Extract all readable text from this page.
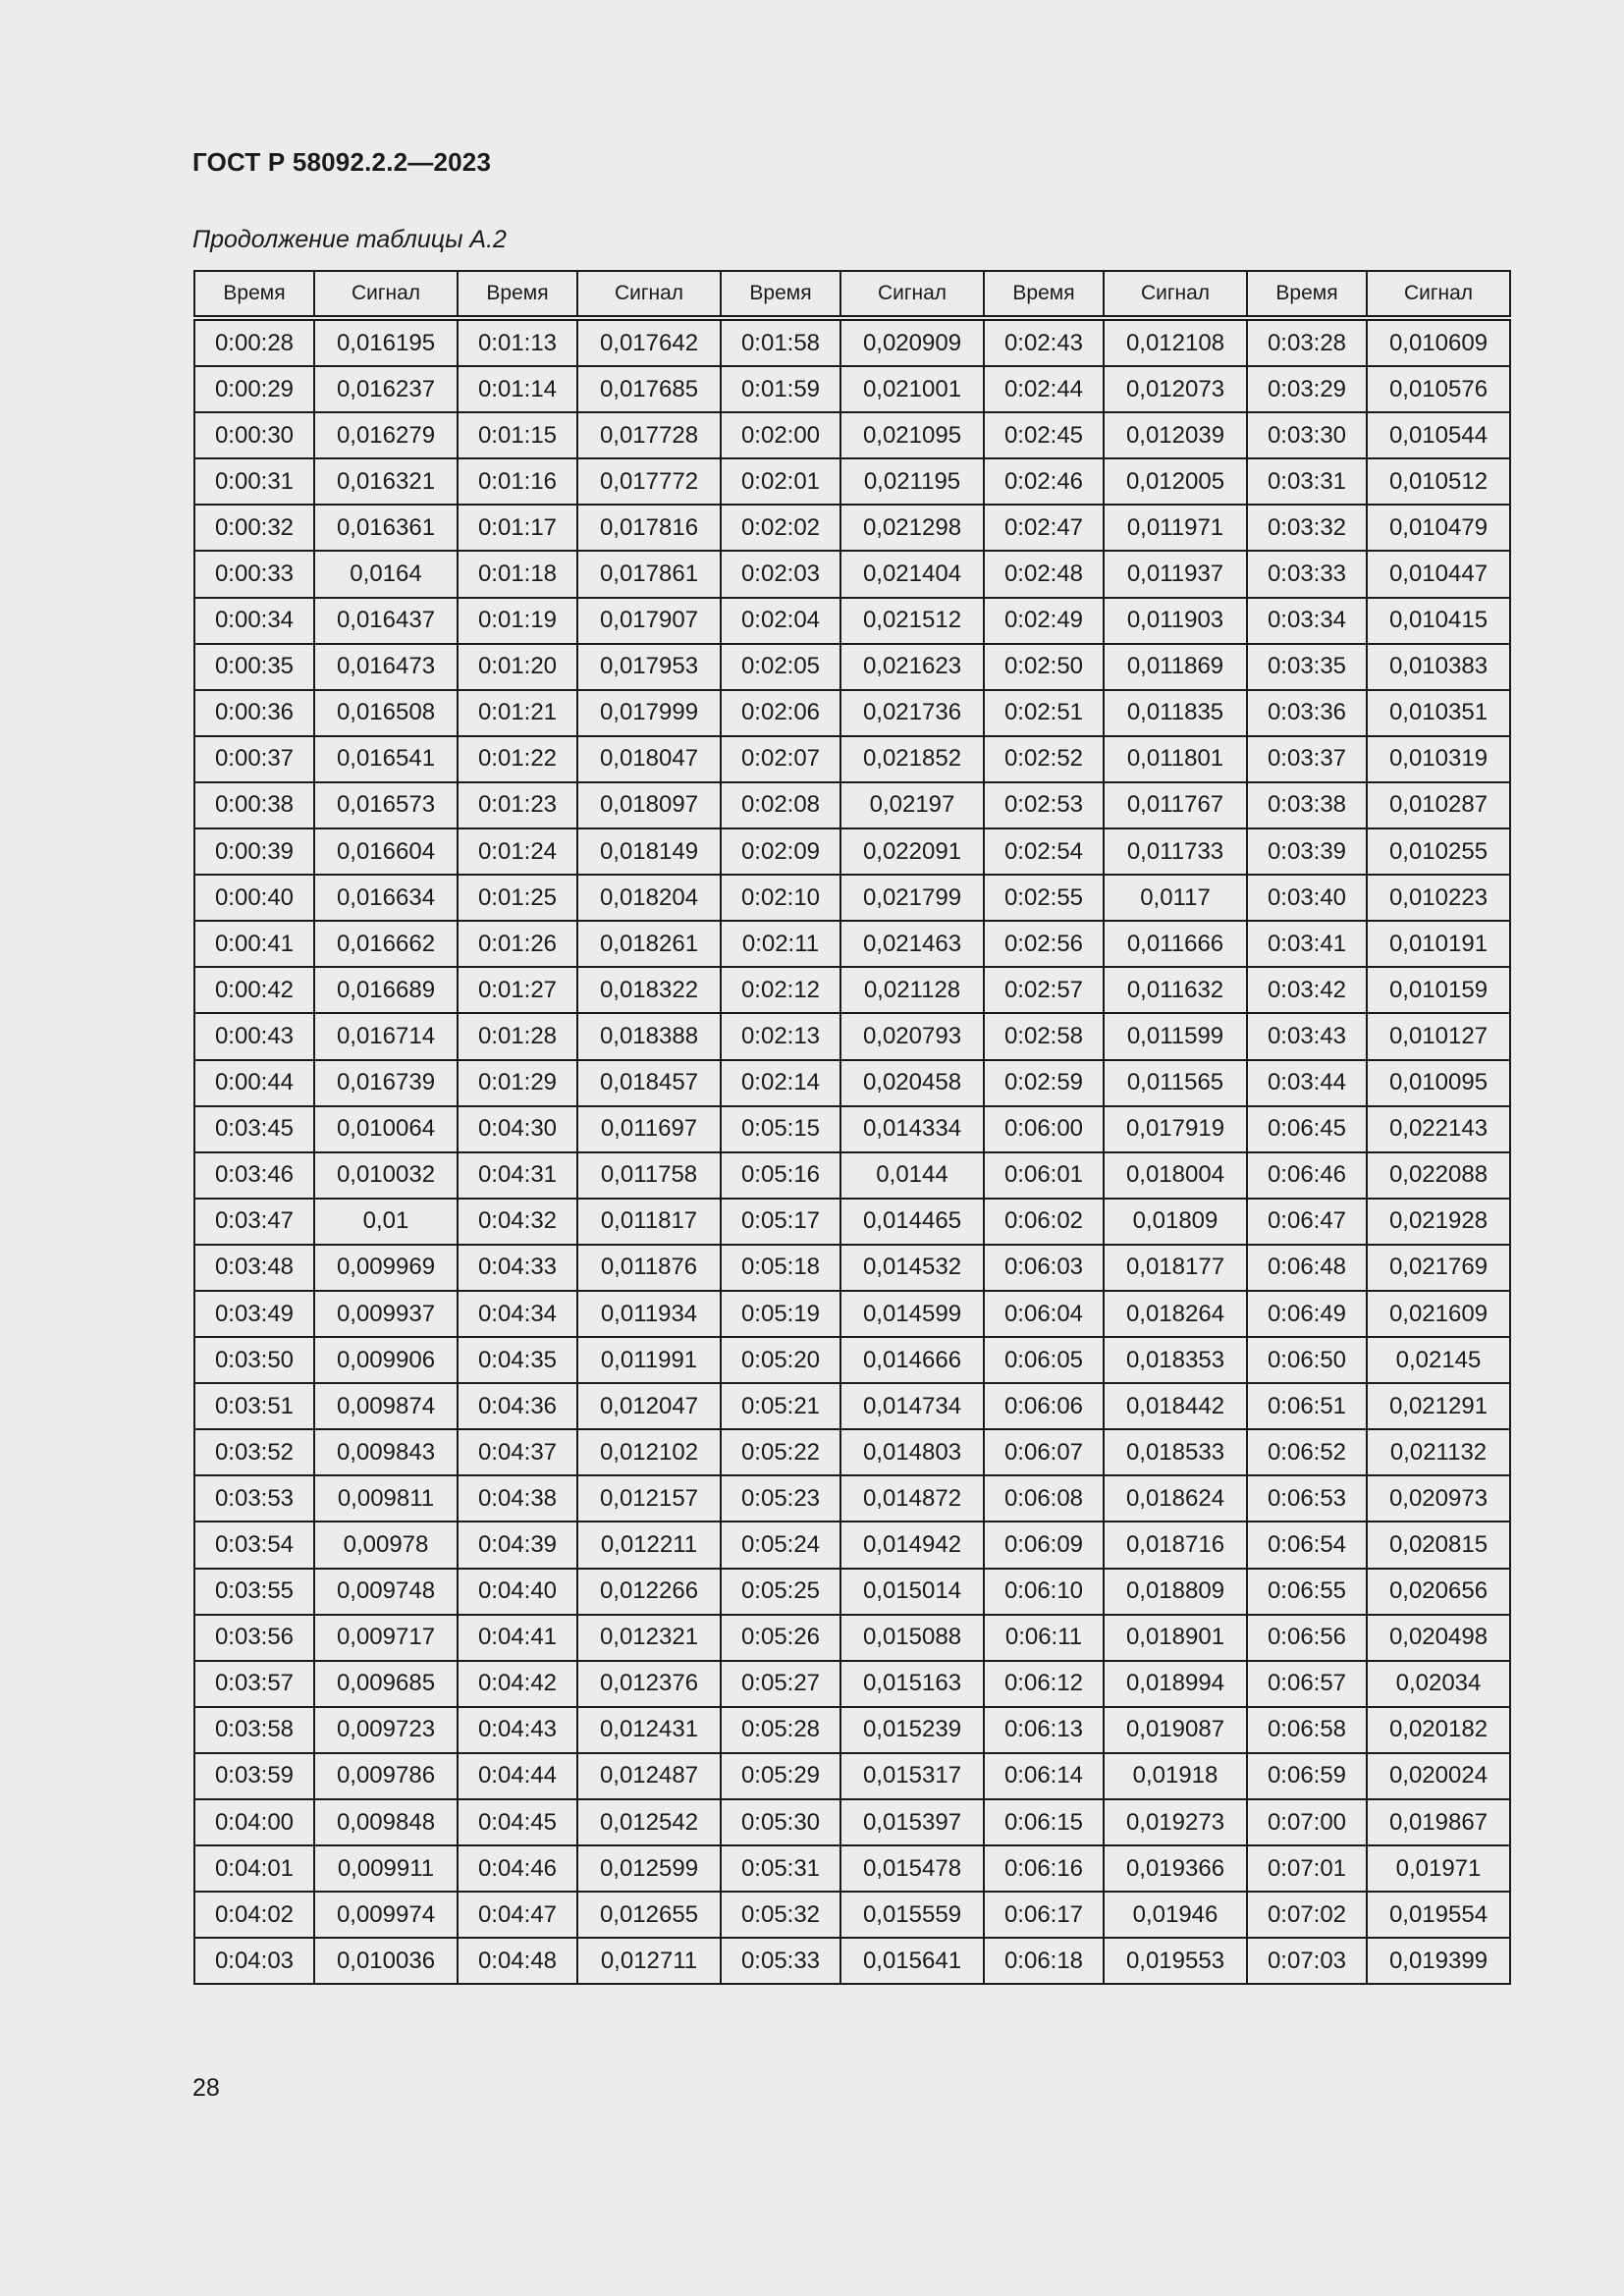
ГОСТ Р 58092.2.2—2023
Продолжение таблицы А.2
Время	Сигнал	Время	Сигнал	Время	Сигнал	Время	Сигнал	Время	Сигнал
0:00:28	0,016195	0:01:13	0,017642	0:01:58	0,020909	0:02:43	0,012108	0:03:28	0,010609
0:00:29	0,016237	0:01:14	0,017685	0:01:59	0,021001	0:02:44	0,012073	0:03:29	0,010576
0:00:30	0,016279	0:01:15	0,017728	0:02:00	0,021095	0:02:45	0,012039	0:03:30	0,010544
0:00:31	0,016321	0:01:16	0,017772	0:02:01	0,021195	0:02:46	0,012005	0:03:31	0,010512
0:00:32	0,016361	0:01:17	0,017816	0:02:02	0,021298	0:02:47	0,011971	0:03:32	0,010479
0:00:33	0,0164	0:01:18	0,017861	0:02:03	0,021404	0:02:48	0,011937	0:03:33	0,010447
0:00:34	0,016437	0:01:19	0,017907	0:02:04	0,021512	0:02:49	0,011903	0:03:34	0,010415
0:00:35	0,016473	0:01:20	0,017953	0:02:05	0,021623	0:02:50	0,011869	0:03:35	0,010383
0:00:36	0,016508	0:01:21	0,017999	0:02:06	0,021736	0:02:51	0,011835	0:03:36	0,010351
0:00:37	0,016541	0:01:22	0,018047	0:02:07	0,021852	0:02:52	0,011801	0:03:37	0,010319
0:00:38	0,016573	0:01:23	0,018097	0:02:08	0,02197	0:02:53	0,011767	0:03:38	0,010287
0:00:39	0,016604	0:01:24	0,018149	0:02:09	0,022091	0:02:54	0,011733	0:03:39	0,010255
0:00:40	0,016634	0:01:25	0,018204	0:02:10	0,021799	0:02:55	0,0117	0:03:40	0,010223
0:00:41	0,016662	0:01:26	0,018261	0:02:11	0,021463	0:02:56	0,011666	0:03:41	0,010191
0:00:42	0,016689	0:01:27	0,018322	0:02:12	0,021128	0:02:57	0,011632	0:03:42	0,010159
0:00:43	0,016714	0:01:28	0,018388	0:02:13	0,020793	0:02:58	0,011599	0:03:43	0,010127
0:00:44	0,016739	0:01:29	0,018457	0:02:14	0,020458	0:02:59	0,011565	0:03:44	0,010095
0:03:45	0,010064	0:04:30	0,011697	0:05:15	0,014334	0:06:00	0,017919	0:06:45	0,022143
0:03:46	0,010032	0:04:31	0,011758	0:05:16	0,0144	0:06:01	0,018004	0:06:46	0,022088
0:03:47	0,01	0:04:32	0,011817	0:05:17	0,014465	0:06:02	0,01809	0:06:47	0,021928
0:03:48	0,009969	0:04:33	0,011876	0:05:18	0,014532	0:06:03	0,018177	0:06:48	0,021769
0:03:49	0,009937	0:04:34	0,011934	0:05:19	0,014599	0:06:04	0,018264	0:06:49	0,021609
0:03:50	0,009906	0:04:35	0,011991	0:05:20	0,014666	0:06:05	0,018353	0:06:50	0,02145
0:03:51	0,009874	0:04:36	0,012047	0:05:21	0,014734	0:06:06	0,018442	0:06:51	0,021291
0:03:52	0,009843	0:04:37	0,012102	0:05:22	0,014803	0:06:07	0,018533	0:06:52	0,021132
0:03:53	0,009811	0:04:38	0,012157	0:05:23	0,014872	0:06:08	0,018624	0:06:53	0,020973
0:03:54	0,00978	0:04:39	0,012211	0:05:24	0,014942	0:06:09	0,018716	0:06:54	0,020815
0:03:55	0,009748	0:04:40	0,012266	0:05:25	0,015014	0:06:10	0,018809	0:06:55	0,020656
0:03:56	0,009717	0:04:41	0,012321	0:05:26	0,015088	0:06:11	0,018901	0:06:56	0,020498
0:03:57	0,009685	0:04:42	0,012376	0:05:27	0,015163	0:06:12	0,018994	0:06:57	0,02034
0:03:58	0,009723	0:04:43	0,012431	0:05:28	0,015239	0:06:13	0,019087	0:06:58	0,020182
0:03:59	0,009786	0:04:44	0,012487	0:05:29	0,015317	0:06:14	0,01918	0:06:59	0,020024
0:04:00	0,009848	0:04:45	0,012542	0:05:30	0,015397	0:06:15	0,019273	0:07:00	0,019867
0:04:01	0,009911	0:04:46	0,012599	0:05:31	0,015478	0:06:16	0,019366	0:07:01	0,01971
0:04:02	0,009974	0:04:47	0,012655	0:05:32	0,015559	0:06:17	0,01946	0:07:02	0,019554
0:04:03	0,010036	0:04:48	0,012711	0:05:33	0,015641	0:06:18	0,019553	0:07:03	0,019399
28
